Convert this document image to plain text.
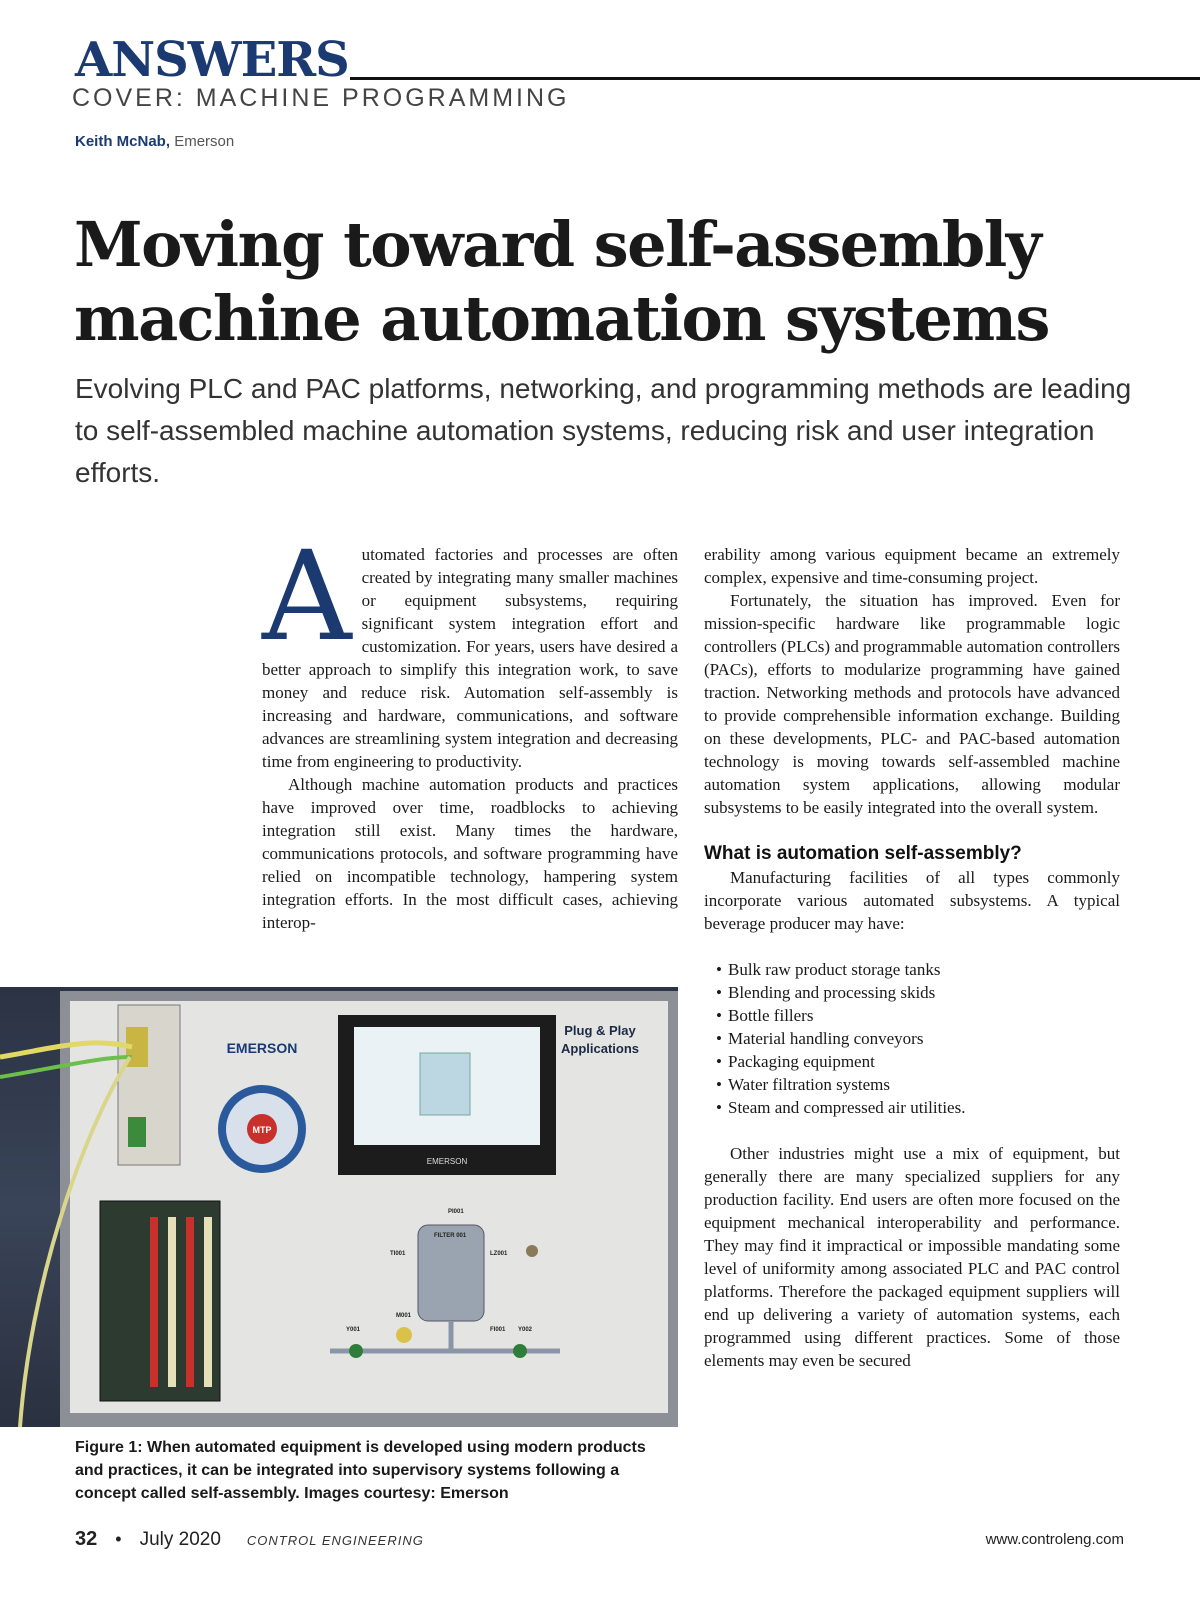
ANSWERS
COVER: MACHINE PROGRAMMING
Keith McNab, Emerson
Moving toward self-assembly machine automation systems

Evolving PLC and PAC platforms, networking, and programming methods are leading to self-assembled machine automation systems, reducing risk and user integration efforts.

A utomated factories and processes are often created by integrating many smaller machines or equipment subsystems, requiring significant system integration effort and customization. For years, users have desired a better approach to simplify this integration work, to save money and reduce risk. Automation self-assembly is increasing and hardware, communications, and software advances are streamlining system integration and decreasing time from engineering to productivity.

Although machine automation products and practices have improved over time, roadblocks to achieving integration still exist. Many times the hardware, communications protocols, and software programming have relied on incompatible technology, hampering system integration efforts. In the most difficult cases, achieving interop-

erability among various equipment became an extremely complex, expensive and time-consuming project.

Fortunately, the situation has improved. Even for mission-specific hardware like programmable logic controllers (PLCs) and programmable automation controllers (PACs), efforts to modularize programming have gained traction. Networking methods and protocols have advanced to provide comprehensible information exchange. Building on these developments, PLC- and PAC-based automation technology is moving towards self-assembled machine automation system applications, allowing modular subsystems to be easily integrated into the overall system.

What is automation self-assembly?

Manufacturing facilities of all types commonly incorporate various automated subsystems. A typical beverage producer may have:

• Bulk raw product storage tanks
• Blending and processing skids
• Bottle fillers
• Material handling conveyors
• Packaging equipment
• Water filtration systems
• Steam and compressed air utilities.

Other industries might use a mix of equipment, but generally there are many specialized suppliers for any production facility. End users are often more focused on the equipment mechanical interoperability and performance. They may find it impractical or impossible mandating some level of uniformity among associated PLC and PAC control platforms. Therefore the packaged equipment suppliers will end up delivering a variety of automation systems, each programmed using different practices. Some of those elements may even be secured

EMERSON
MTP
EMERSON
Plug & Play
Applications
PI001
FILTER 001
TI001	LZ001
M001
Y001	FI001 Y002

Figure 1: When automated equipment is developed using modern products and practices, it can be integrated into supervisory systems following a concept called self-assembly. Images courtesy: Emerson

32 • July 2020 CONTROL ENGINEERING	www.controleng.com
